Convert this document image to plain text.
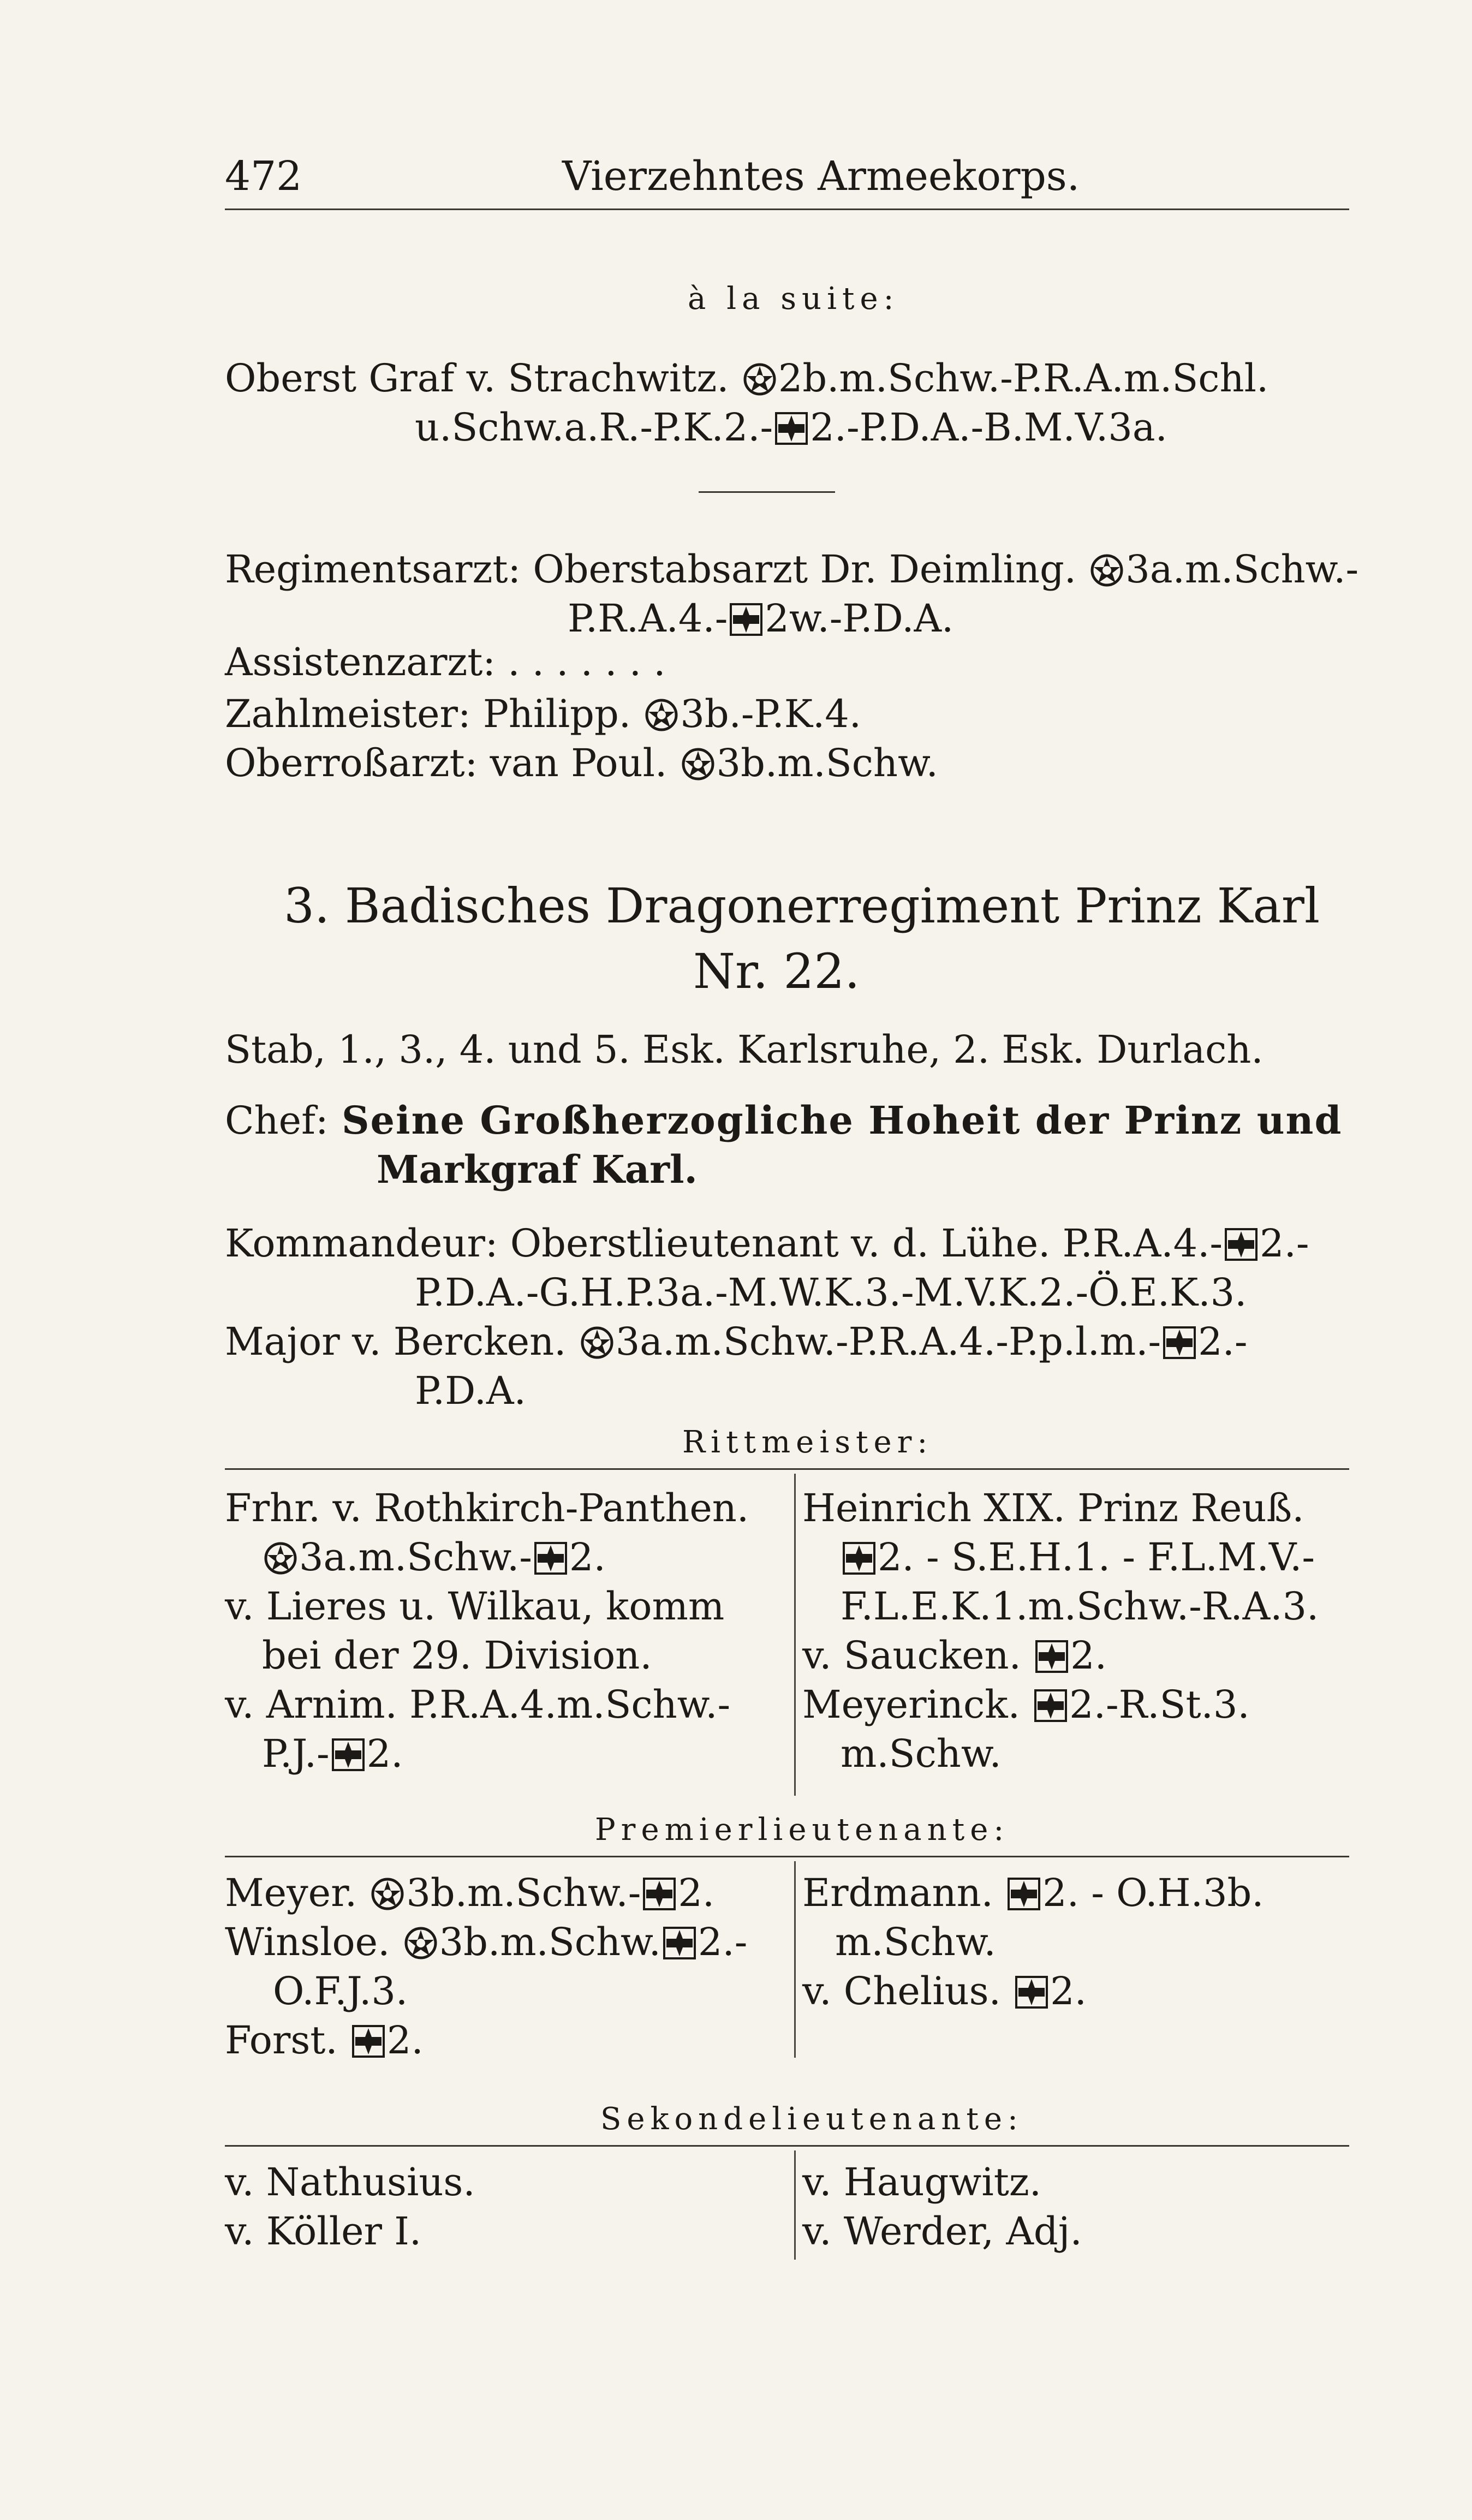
472	Vierzehntes Armeekorps.
à la suite:
Oberst Graf v. Strachwitz. 2b.m.Schw.-P.R.A.m.Schl.
u.Schw.a.R.-P.K.2.- 2.-P.D.A.-B.M.V.3a.
Regimentsarzt: Oberstabsarzt Dr. Deimling. 3a.m.Schw.-
P.R.A.4.- 2w.-P.D.A.
Assistenzarzt: . . . . . . .
Zahlmeister: Philipp. 3b.-P.K.4.
Oberroßarzt: van Poul. 3b.m.Schw.
3. Badisches Dragonerregiment Prinz Karl
Nr. 22.
Stab, 1., 3., 4. und 5. Esk. Karlsruhe, 2. Esk. Durlach.
Chef: Seine Großherzogliche Hoheit der Prinz und
Markgraf Karl.
Kommandeur: Oberstlieutenant v. d. Lühe. P.R.A.4.- 2.-
P.D.A.-G.H.P.3a.-M.W.K.3.-M.V.K.2.-Ö.E.K.3.
Major v. Bercken. 3a.m.Schw.-P.R.A.4.-P.p.l.m.- 2.-
P.D.A.
Rittmeister:
Frhr. v. Rothkirch-Panthen.
3a.m.Schw.- 2.
v. Lieres u. Wilkau, komm
bei der 29. Division.
v. Arnim. P.R.A.4.m.Schw.-
P.J.- 2.
Heinrich XIX. Prinz Reuß.
2. - S.E.H.1. - F.L.M.V.-
F.L.E.K.1.m.Schw.-R.A.3.
v. Saucken. 2.
Meyerinck. 2.-R.St.3.
m.Schw.
Premierlieutenante:
Meyer. 3b.m.Schw.- 2.
Winsloe. 3b.m.Schw. 2.-
O.F.J.3.
Forst. 2.
Erdmann. 2. - O.H.3b.
m.Schw.
v. Chelius. 2.
Sekondelieutenante:
v. Nathusius.
v. Köller I.
v. Haugwitz.
v. Werder, Adj.
